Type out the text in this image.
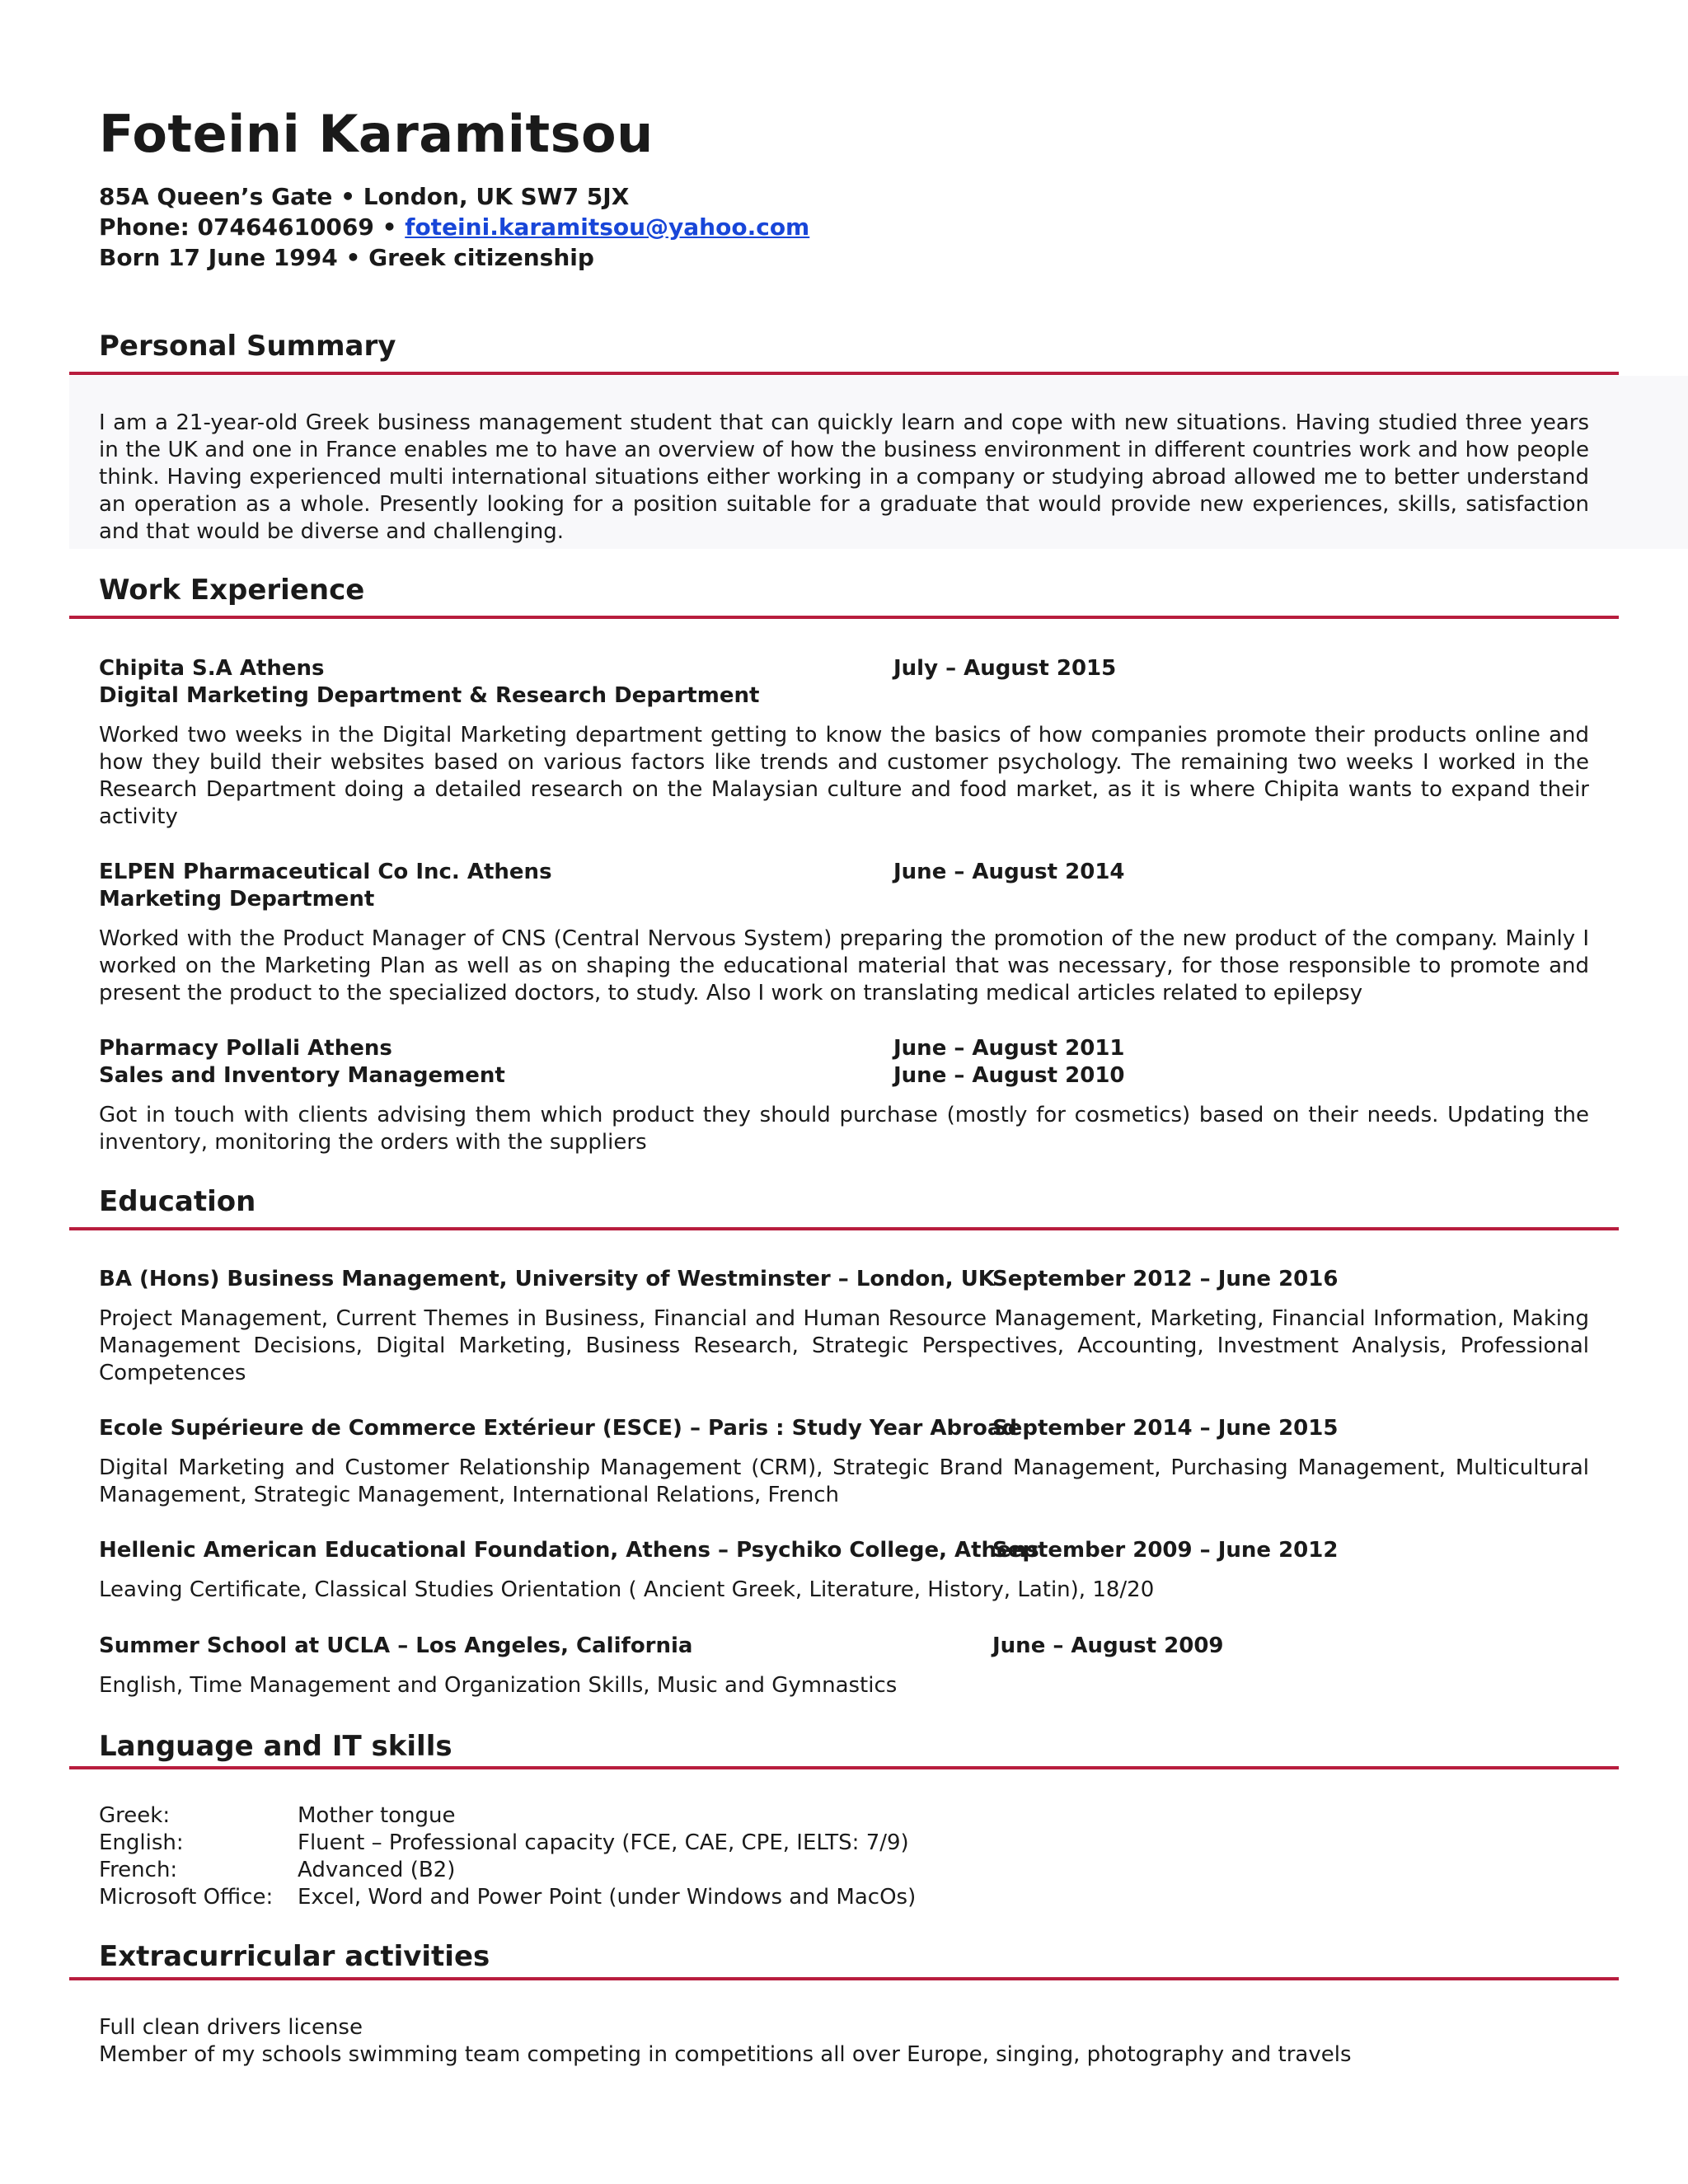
Foteini Karamitsou
85A Queen’s Gate • London, UK SW7 5JX
Phone: 07464610069 • foteini.karamitsou@yahoo.com
Born 17 June 1994 • Greek citizenship
Personal Summary

I am a 21-year-old Greek business management student that can quickly learn and cope with new situations. Having studied three years in the UK and one in France enables me to have an overview of how the business environment in different countries work and how people think. Having experienced multi international situations either working in a company or studying abroad allowed me to better understand an operation as a whole. Presently looking for a position suitable for a graduate that would provide new experiences, skills, satisfaction and that would be diverse and challenging.

Work Experience
Chipita S.A Athens	July – August 2015
Digital Marketing Department & Research Department

Worked two weeks in the Digital Marketing department getting to know the basics of how companies promote their products online and how they build their websites based on various factors like trends and customer psychology. The remaining two weeks I worked in the Research Department doing a detailed research on the Malaysian culture and food market, as it is where Chipita wants to expand their activity

ELPEN Pharmaceutical Co Inc. Athens	June – August 2014
Marketing Department

Worked with the Product Manager of CNS (Central Nervous System) preparing the promotion of the new product of the company. Mainly I worked on the Marketing Plan as well as on shaping the educational material that was necessary, for those responsible to promote and present the product to the specialized doctors, to study. Also I work on translating medical articles related to epilepsy

Pharmacy Pollali Athens	June – August 2011
Sales and Inventory Management	June – August 2010

Got in touch with clients advising them which product they should purchase (mostly for cosmetics) based on their needs. Updating the inventory, monitoring the orders with the suppliers

Education
BA (Hons) Business Management, University of Westminster – London, UK
September 2012 – June 2016

Project Management, Current Themes in Business, Financial and Human Resource Management, Marketing, Financial Information, Making Management Decisions, Digital Marketing, Business Research, Strategic Perspectives, Accounting, Investment Analysis, Professional Competences

Ecole Supérieure de Commerce Extérieur (ESCE) – Paris : Study Year Abroad
September 2014 – June 2015

Digital Marketing and Customer Relationship Management (CRM), Strategic Brand Management, Purchasing Management, Multicultural Management, Strategic Management, International Relations, French

Hellenic American Educational Foundation, Athens – Psychiko College, Athens
September 2009 – June 2012

Leaving Certificate, Classical Studies Orientation ( Ancient Greek, Literature, History, Latin), 18/20

Summer School at UCLA – Los Angeles, California	June – August 2009

English, Time Management and Organization Skills, Music and Gymnastics

Language and IT skills
Greek:	Mother tongue
English:	Fluent – Professional capacity (FCE, CAE, CPE, IELTS: 7/9)
French:	Advanced (B2)
Microsoft Office: Excel, Word and Power Point (under Windows and MacOs)
Extracurricular activities
Full clean drivers license
Member of my schools swimming team competing in competitions all over Europe, singing, photography and travels
